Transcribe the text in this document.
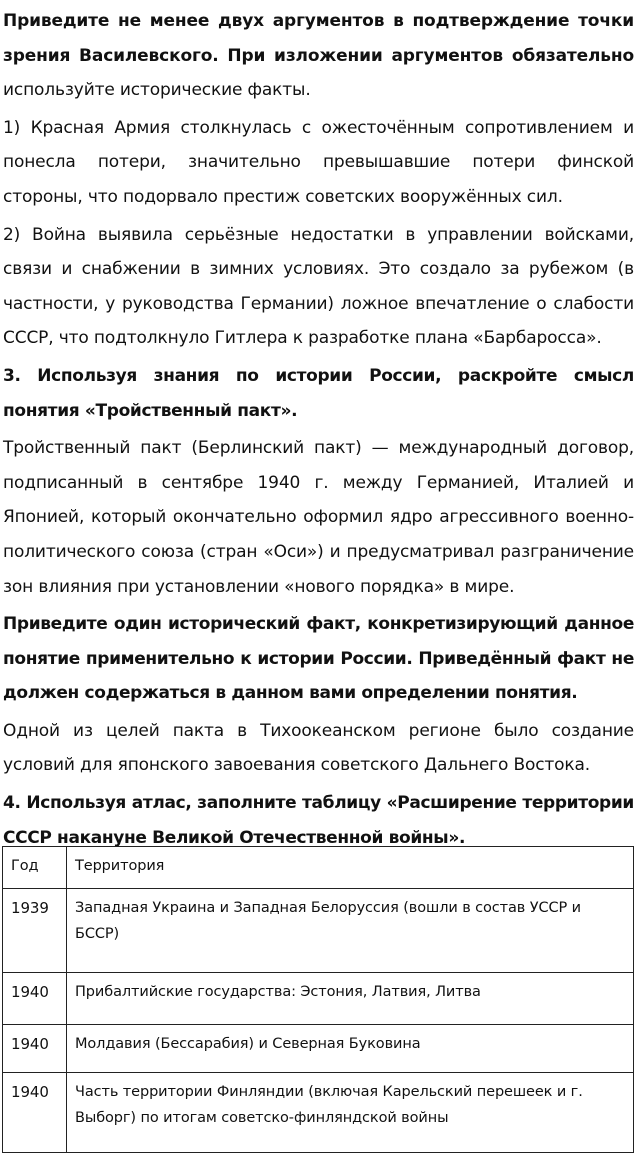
Приведите не менее двух аргументов в подтверждение точки зрения Василевского. При изложении аргументов обязательно используйте исторические факты.

1) Красная Армия столкнулась с ожесточённым сопротивлением и понесла потери, значительно превышавшие потери финской стороны, что подорвало престиж советских вооружённых сил.

2) Война выявила серьёзные недостатки в управлении войсками, связи и снабжении в зимних условиях. Это создало за рубежом (в частности, у руководства Германии) ложное впечатление о слабости СССР, что подтолкнуло Гитлера к разработке плана «Барбаросса».

3. Используя знания по истории России, раскройте смысл понятия «Тройственный пакт».

Тройственный пакт (Берлинский пакт) — международный договор, подписанный в сентябре 1940 г. между Германией, Италией и Японией, который окончательно оформил ядро агрессивного военно-политического союза (стран «Оси») и предусматривал разграничение зон влияния при установлении «нового порядка» в мире.

Приведите один исторический факт, конкретизирующий данное понятие применительно к истории России. Приведённый факт не должен содержаться в данном вами определении понятия.

Одной из целей пакта в Тихоокеанском регионе было создание условий для японского завоевания советского Дальнего Востока.

4. Используя атлас, заполните таблицу «Расширение территории СССР накануне Великой Отечественной войны».

Год	Территория
1939	Западная Украина и Западная Белоруссия (вошли в состав УССР и БССР)
1940	Прибалтийские государства: Эстония, Латвия, Литва
1940	Молдавия (Бессарабия) и Северная Буковина
1940	Часть территории Финляндии (включая Карельский перешеек и г. Выборг) по итогам советско-финляндской войны
